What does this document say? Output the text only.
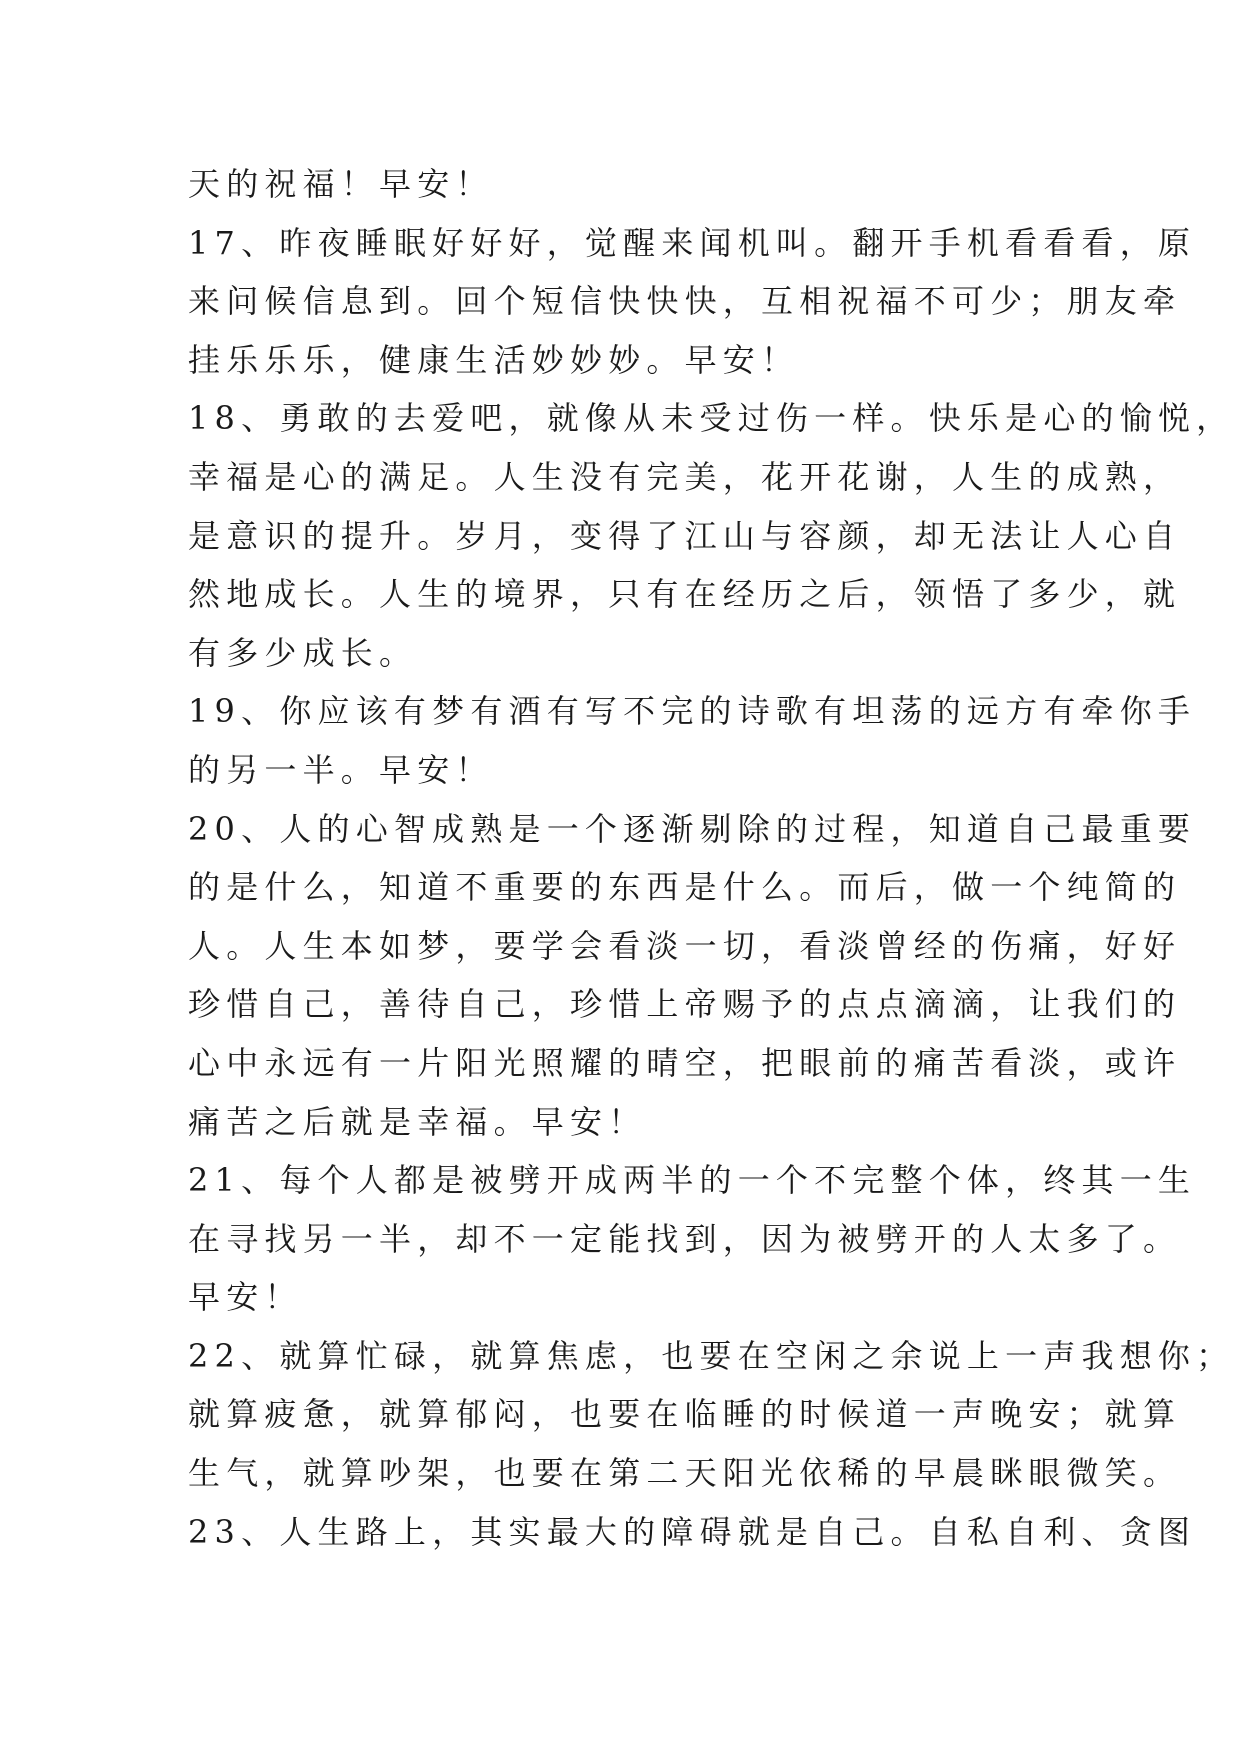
天的祝福！早安！
17、昨夜睡眠好好好，觉醒来闻机叫。翻开手机看看看，原
来问候信息到。回个短信快快快，互相祝福不可少；朋友牵
挂乐乐乐，健康生活妙妙妙。早安！
18、勇敢的去爱吧，就像从未受过伤一样。快乐是心的愉悦，
幸福是心的满足。人生没有完美，花开花谢，人生的成熟，
是意识的提升。岁月，变得了江山与容颜，却无法让人心自
然地成长。人生的境界，只有在经历之后，领悟了多少，就
有多少成长。
19、你应该有梦有酒有写不完的诗歌有坦荡的远方有牵你手
的另一半。早安！
20、人的心智成熟是一个逐渐剔除的过程，知道自己最重要
的是什么，知道不重要的东西是什么。而后，做一个纯简的
人。人生本如梦，要学会看淡一切，看淡曾经的伤痛，好好
珍惜自己，善待自己，珍惜上帝赐予的点点滴滴，让我们的
心中永远有一片阳光照耀的晴空，把眼前的痛苦看淡，或许
痛苦之后就是幸福。早安！
21、每个人都是被劈开成两半的一个不完整个体，终其一生
在寻找另一半，却不一定能找到，因为被劈开的人太多了。
早安！
22、就算忙碌，就算焦虑，也要在空闲之余说上一声我想你；
就算疲惫，就算郁闷，也要在临睡的时候道一声晚安；就算
生气，就算吵架，也要在第二天阳光依稀的早晨眯眼微笑。
23、人生路上，其实最大的障碍就是自己。自私自利、贪图
